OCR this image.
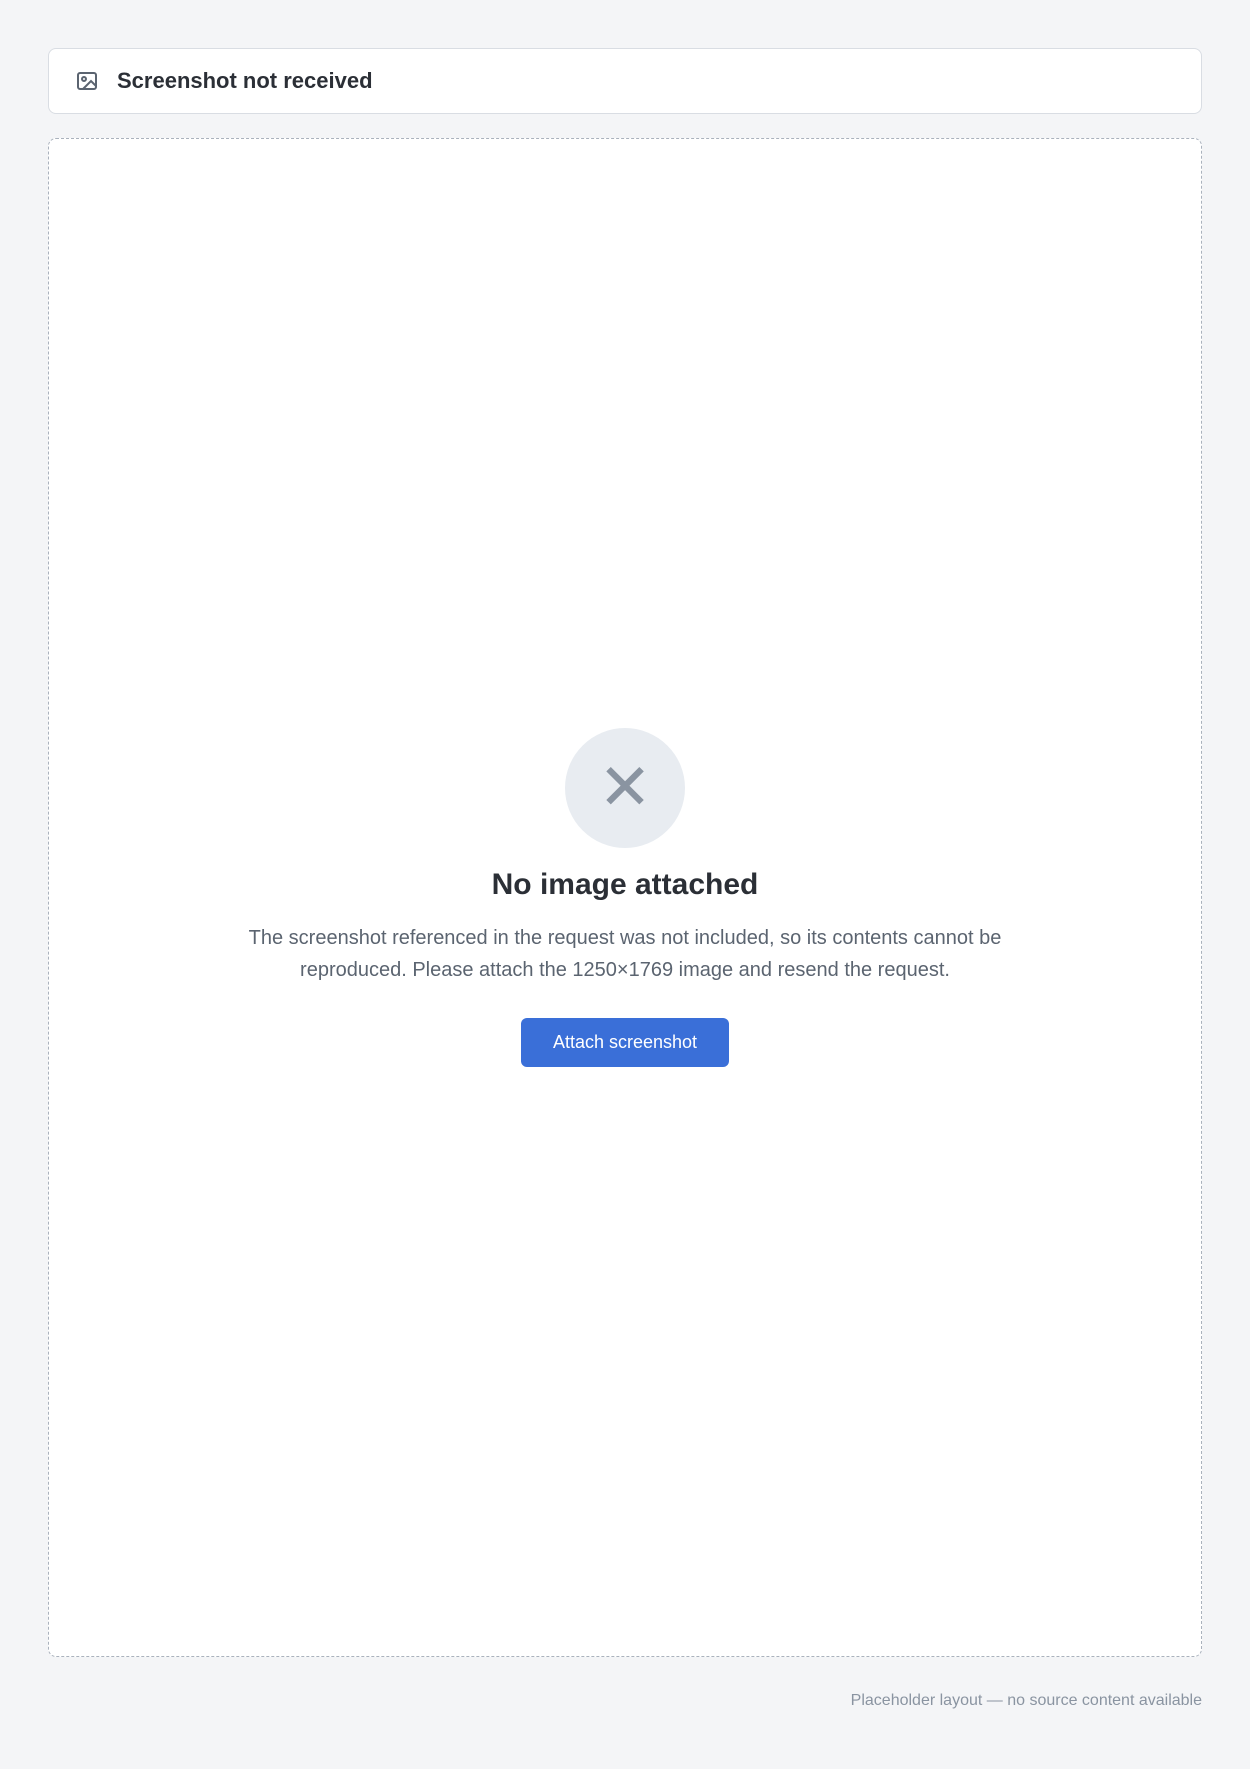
Screenshot not received
✕
No image attached
The screenshot referenced in the request was not included, so its contents cannot be reproduced. Please attach the 1250×1769 image and resend the request.
Attach screenshot
Placeholder layout — no source content available
